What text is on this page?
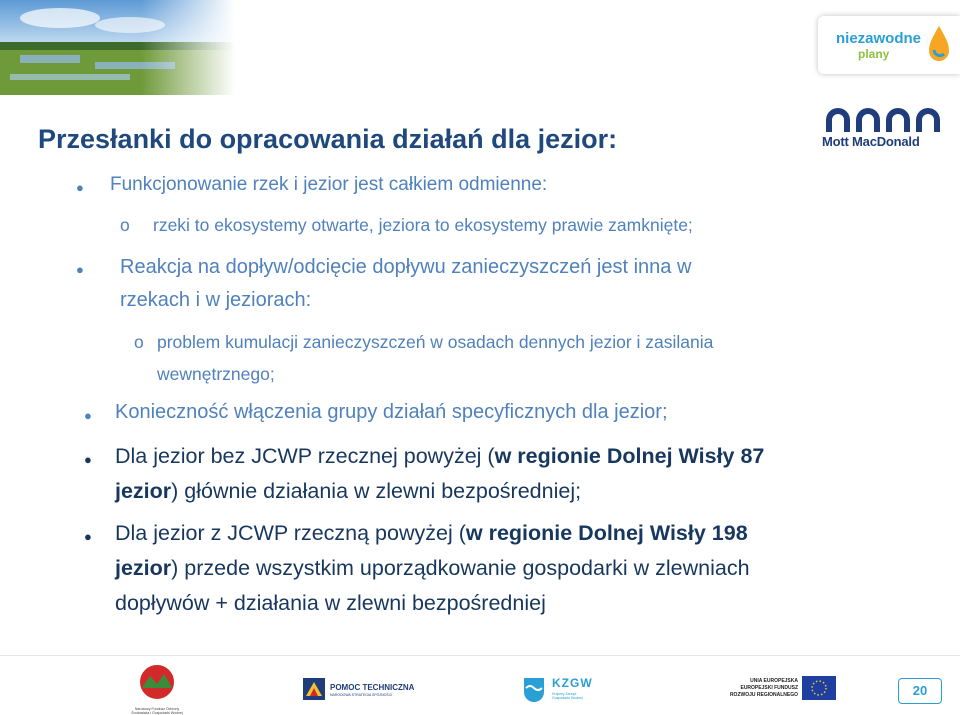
niezawodne
plany
Mott MacDonald
Przesłanki do opracowania działań dla jezior:
● Funkcjonowanie rzek i jezior jest całkiem odmienne:
o rzeki to ekosystemy otwarte, jeziora to ekosystemy prawie zamknięte;
● Reakcja na dopływ/odcięcie dopływu zanieczyszczeń jest inna w
rzekach i w jeziorach:
o problem kumulacji zanieczyszczeń w osadach dennych jezior i zasilania
wewnętrznego;
● Konieczność włączenia grupy działań specyficznych dla jezior;
● Dla jezior bez JCWP rzecznej powyżej (w regionie Dolnej Wisły 87
jezior) głównie działania w zlewni bezpośredniej;
● Dla jezior z JCWP rzeczną powyżej (w regionie Dolnej Wisły 198
jezior) przede wszystkim uporządkowanie gospodarki w zlewniach
dopływów + działania w zlewni bezpośredniej
Narodowy Fundusz Ochrony Środowiska i Gospodarki Wodnej
POMOC TECHNICZNA
NARODOWA STRATEGIA SPÓJNOŚCI
KZGW
Krajowy Zarząd Gospodarki Wodnej
UNIA EUROPEJSKA
EUROPEJSKI FUNDUSZ
ROZWOJU REGIONALNEGO	20
